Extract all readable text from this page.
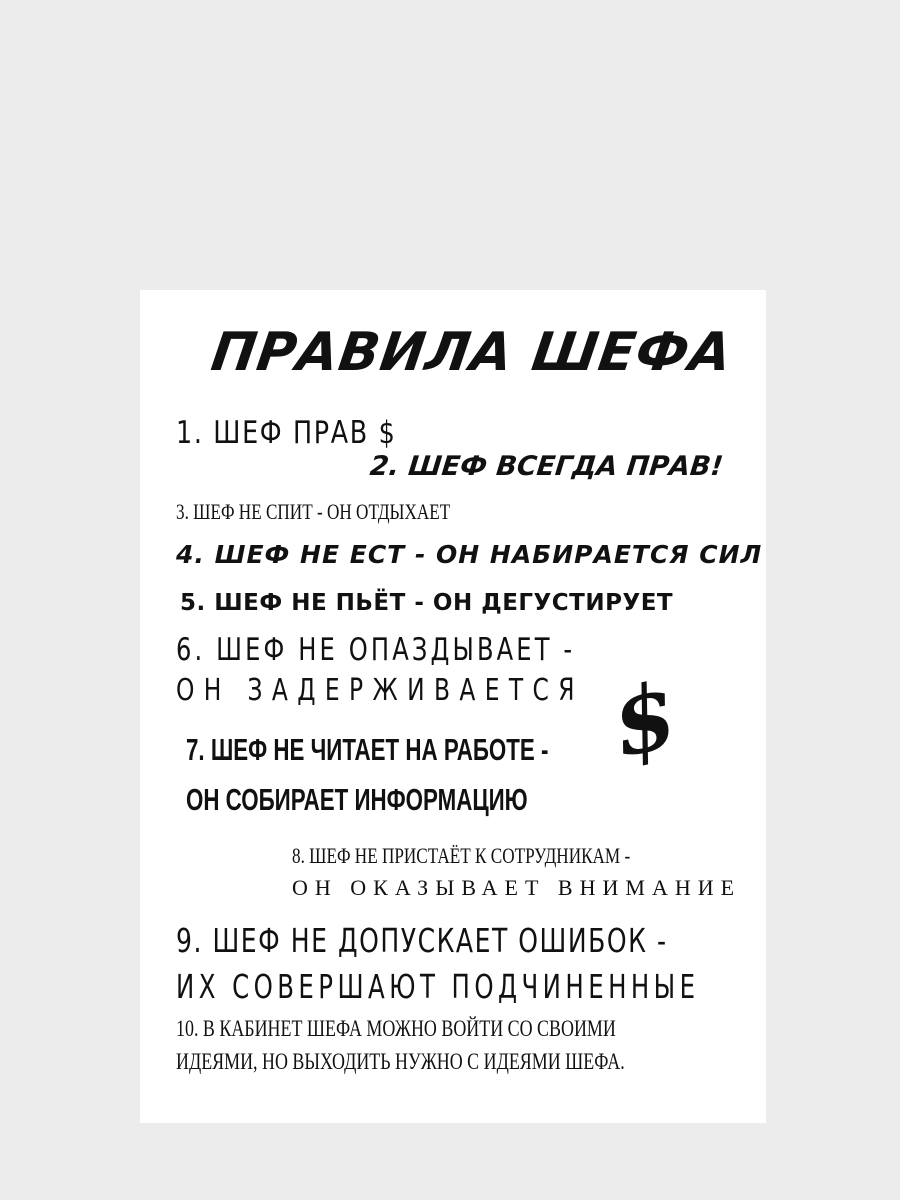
ПРАВИЛА ШЕФА
1. ШЕФ ПРАВ $
2. ШЕФ ВСЕГДА ПРАВ!
3. ШЕФ НЕ СПИТ - ОН ОТДЫХАЕТ
4. ШЕФ НЕ ЕСТ - ОН НАБИРАЕТСЯ СИЛ
5. ШЕФ НЕ ПЬЁТ - ОН ДЕГУСТИРУЕТ
6. ШЕФ НЕ ОПАЗДЫВАЕТ -
ОН ЗАДЕРЖИВАЕТСЯ
7. ШЕФ НЕ ЧИТАЕТ НА РАБОТЕ -
ОН СОБИРАЕТ ИНФОРМАЦИЮ
$
8. ШЕФ НЕ ПРИСТАЁТ К СОТРУДНИКАМ -
ОН ОКАЗЫВАЕТ ВНИМАНИЕ
9. ШЕФ НЕ ДОПУСКАЕТ ОШИБОК -
ИХ СОВЕРШАЮТ ПОДЧИНЕННЫЕ
10. В КАБИНЕТ ШЕФА МОЖНО ВОЙТИ СО СВОИМИ
ИДЕЯМИ, НО ВЫХОДИТЬ НУЖНО С ИДЕЯМИ ШЕФА.
